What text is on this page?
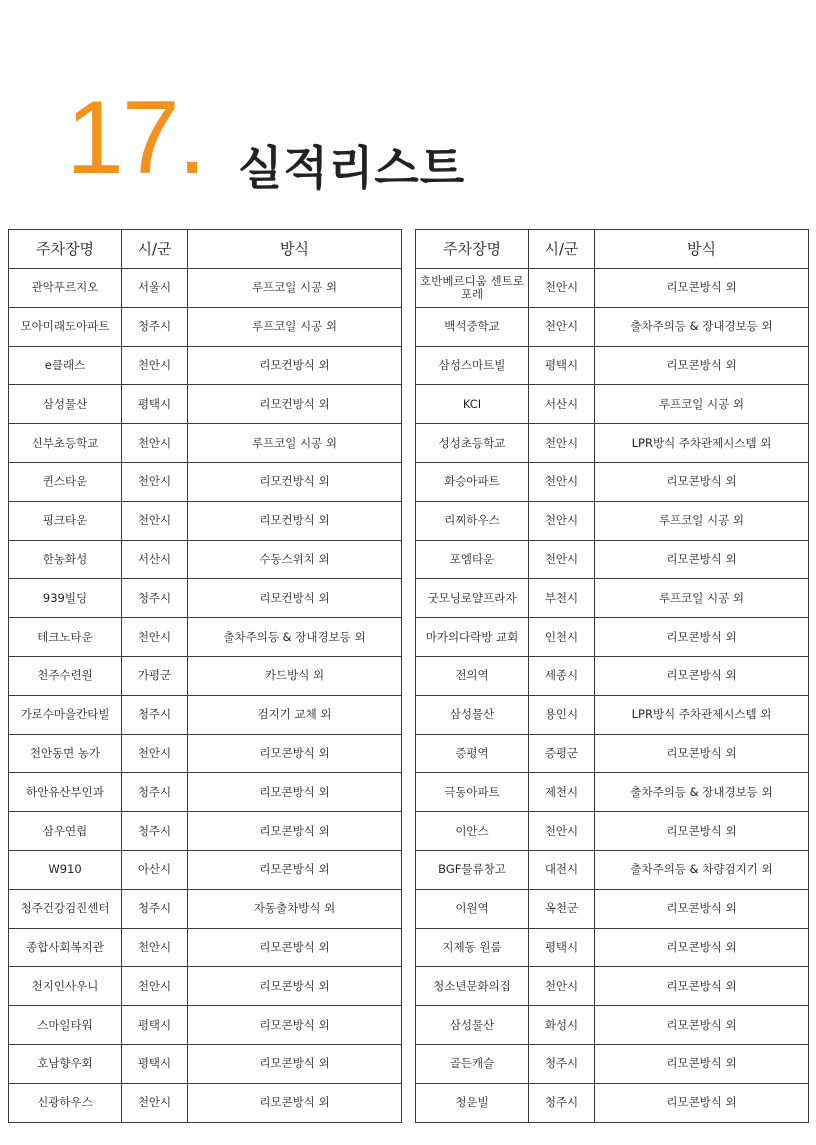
17. 실적리스트
주차장명	시/군	방식
관악푸르지오	서울시	루프코일 시공 외
모아미래도아파트	청주시	루프코일 시공 외
e클래스	천안시	리모컨방식 외
삼성물산	평택시	리모컨방식 외
신부초등학교	천안시	루프코일 시공 외
퀸스타운	천안시	리모컨방식 외
핑크타운	천안시	리모컨방식 외
한농화성	서산시	수동스위치 외
939빌딩	청주시	리모컨방식 외
테크노타운	천안시	출차주의등 & 장내경보등 외
천주수련원	가평군	카드방식 외
가로수마을칸타빌	청주시	검지기 교체 외
천안동면 농가	천안시	리모콘방식 외
하안유산부인과	청주시	리모콘방식 외
삼우연립	청주시	리모콘방식 외
W910	아산시	리모콘방식 외
청주건강검진센터	청주시	자동출차방식 외
종합사회복지관	천안시	리모콘방식 외
천지인사우니	천안시	리모콘방식 외
스마일타워	평택시	리모콘방식 외
호남향우회	평택시	리모콘방식 외
신광하우스	천안시	리모콘방식 외
주차장명	시/군	방식
호반베르디움 센트로포레	천안시	리모콘방식 외
백석중학교	천안시	출차주의등 & 장내경보등 외
삼성스마트빌	평택시	리모콘방식 외
KCI	서산시	루프코일 시공 외
성성초등학교	천안시	LPR방식 주차관제시스템 외
화승아파트	천안시	리모콘방식 외
리찌하우스	천안시	루프코일 시공 외
포엠타운	천안시	리모콘방식 외
굿모닝로얄프라자	부천시	루프코일 시공 외
마가의다락방 교회	인천시	리모콘방식 외
전의역	세종시	리모콘방식 외
삼성물산	용인시	LPR방식 주차관제시스템 외
증평역	증평군	리모콘방식 외
극동아파트	제천시	출차주의등 & 장내경보등 외
이안스	천안시	리모콘방식 외
BGF물류창고	대전시	출차주의등 & 차량검지기 외
이원역	옥천군	리모콘방식 외
지제동 원룸	평택시	리모콘방식 외
청소년문화의집	천안시	리모콘방식 외
삼성물산	화성시	리모콘방식 외
골든캐슬	청주시	리모콘방식 외
청운빌	청주시	리모콘방식 외
